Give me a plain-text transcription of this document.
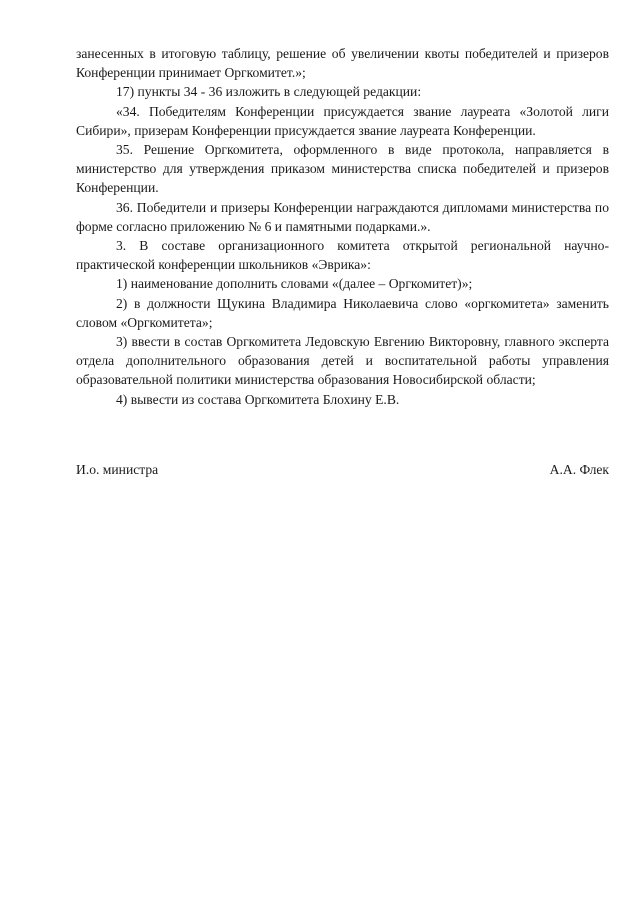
занесенных в итоговую таблицу, решение об увеличении квоты победителей и призеров Конференции принимает Оргкомитет.»;

17) пункты 34 - 36 изложить в следующей редакции:

«34. Победителям Конференции присуждается звание лауреата «Золотой лиги Сибири», призерам Конференции присуждается звание лауреата Конференции.

35. Решение Оргкомитета, оформленного в виде протокола, направляется в министерство для утверждения приказом министерства списка победителей и призеров Конференции.

36. Победители и призеры Конференции награждаются дипломами министерства по форме согласно приложению № 6 и памятными подарками.».

3. В составе организационного комитета открытой региональной научно-практической конференции школьников «Эврика»:

1) наименование дополнить словами «(далее – Оргкомитет)»;

2) в должности Щукина Владимира Николаевича слово «оргкомитета» заменить словом «Оргкомитета»;

3) ввести в состав Оргкомитета Ледовскую Евгению Викторовну, главного эксперта отдела дополнительного образования детей и воспитательной работы управления образовательной политики министерства образования Новосибирской области;

4) вывести из состава Оргкомитета Блохину Е.В.

И.о. министра	А.А. Флек
